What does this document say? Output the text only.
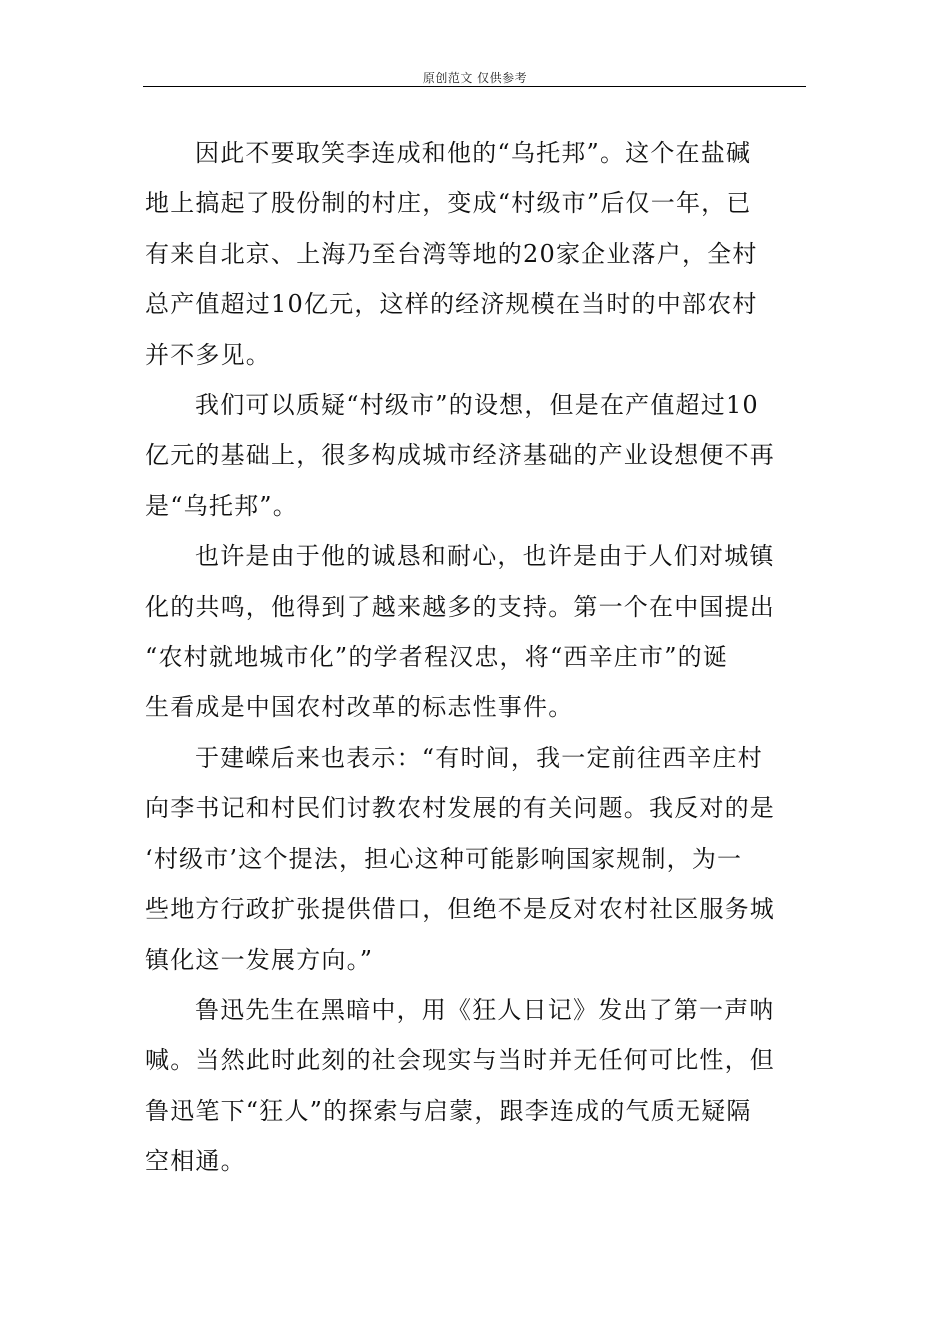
原创范文 仅供参考

因此不要取笑李连成和他的“乌托邦”。这个在盐碱
地上搞起了股份制的村庄，变成“村级市”后仅一年，已
有来自北京、上海乃至台湾等地的20家企业落户，全村
总产值超过10亿元，这样的经济规模在当时的中部农村
并不多见。

我们可以质疑“村级市”的设想，但是在产值超过10
亿元的基础上，很多构成城市经济基础的产业设想便不再
是“乌托邦”。

也许是由于他的诚恳和耐心，也许是由于人们对城镇
化的共鸣，他得到了越来越多的支持。第一个在中国提出
“农村就地城市化”的学者程汉忠，将“西辛庄市”的诞
生看成是中国农村改革的标志性事件。

于建嵘后来也表示：“有时间，我一定前往西辛庄村
向李书记和村民们讨教农村发展的有关问题。我反对的是
‘村级市’这个提法，担心这种可能影响国家规制，为一
些地方行政扩张提供借口，但绝不是反对农村社区服务城
镇化这一发展方向。”

鲁迅先生在黑暗中，用《狂人日记》发出了第一声呐
喊。当然此时此刻的社会现实与当时并无任何可比性，但
鲁迅笔下“狂人”的探索与启蒙，跟李连成的气质无疑隔
空相通。
